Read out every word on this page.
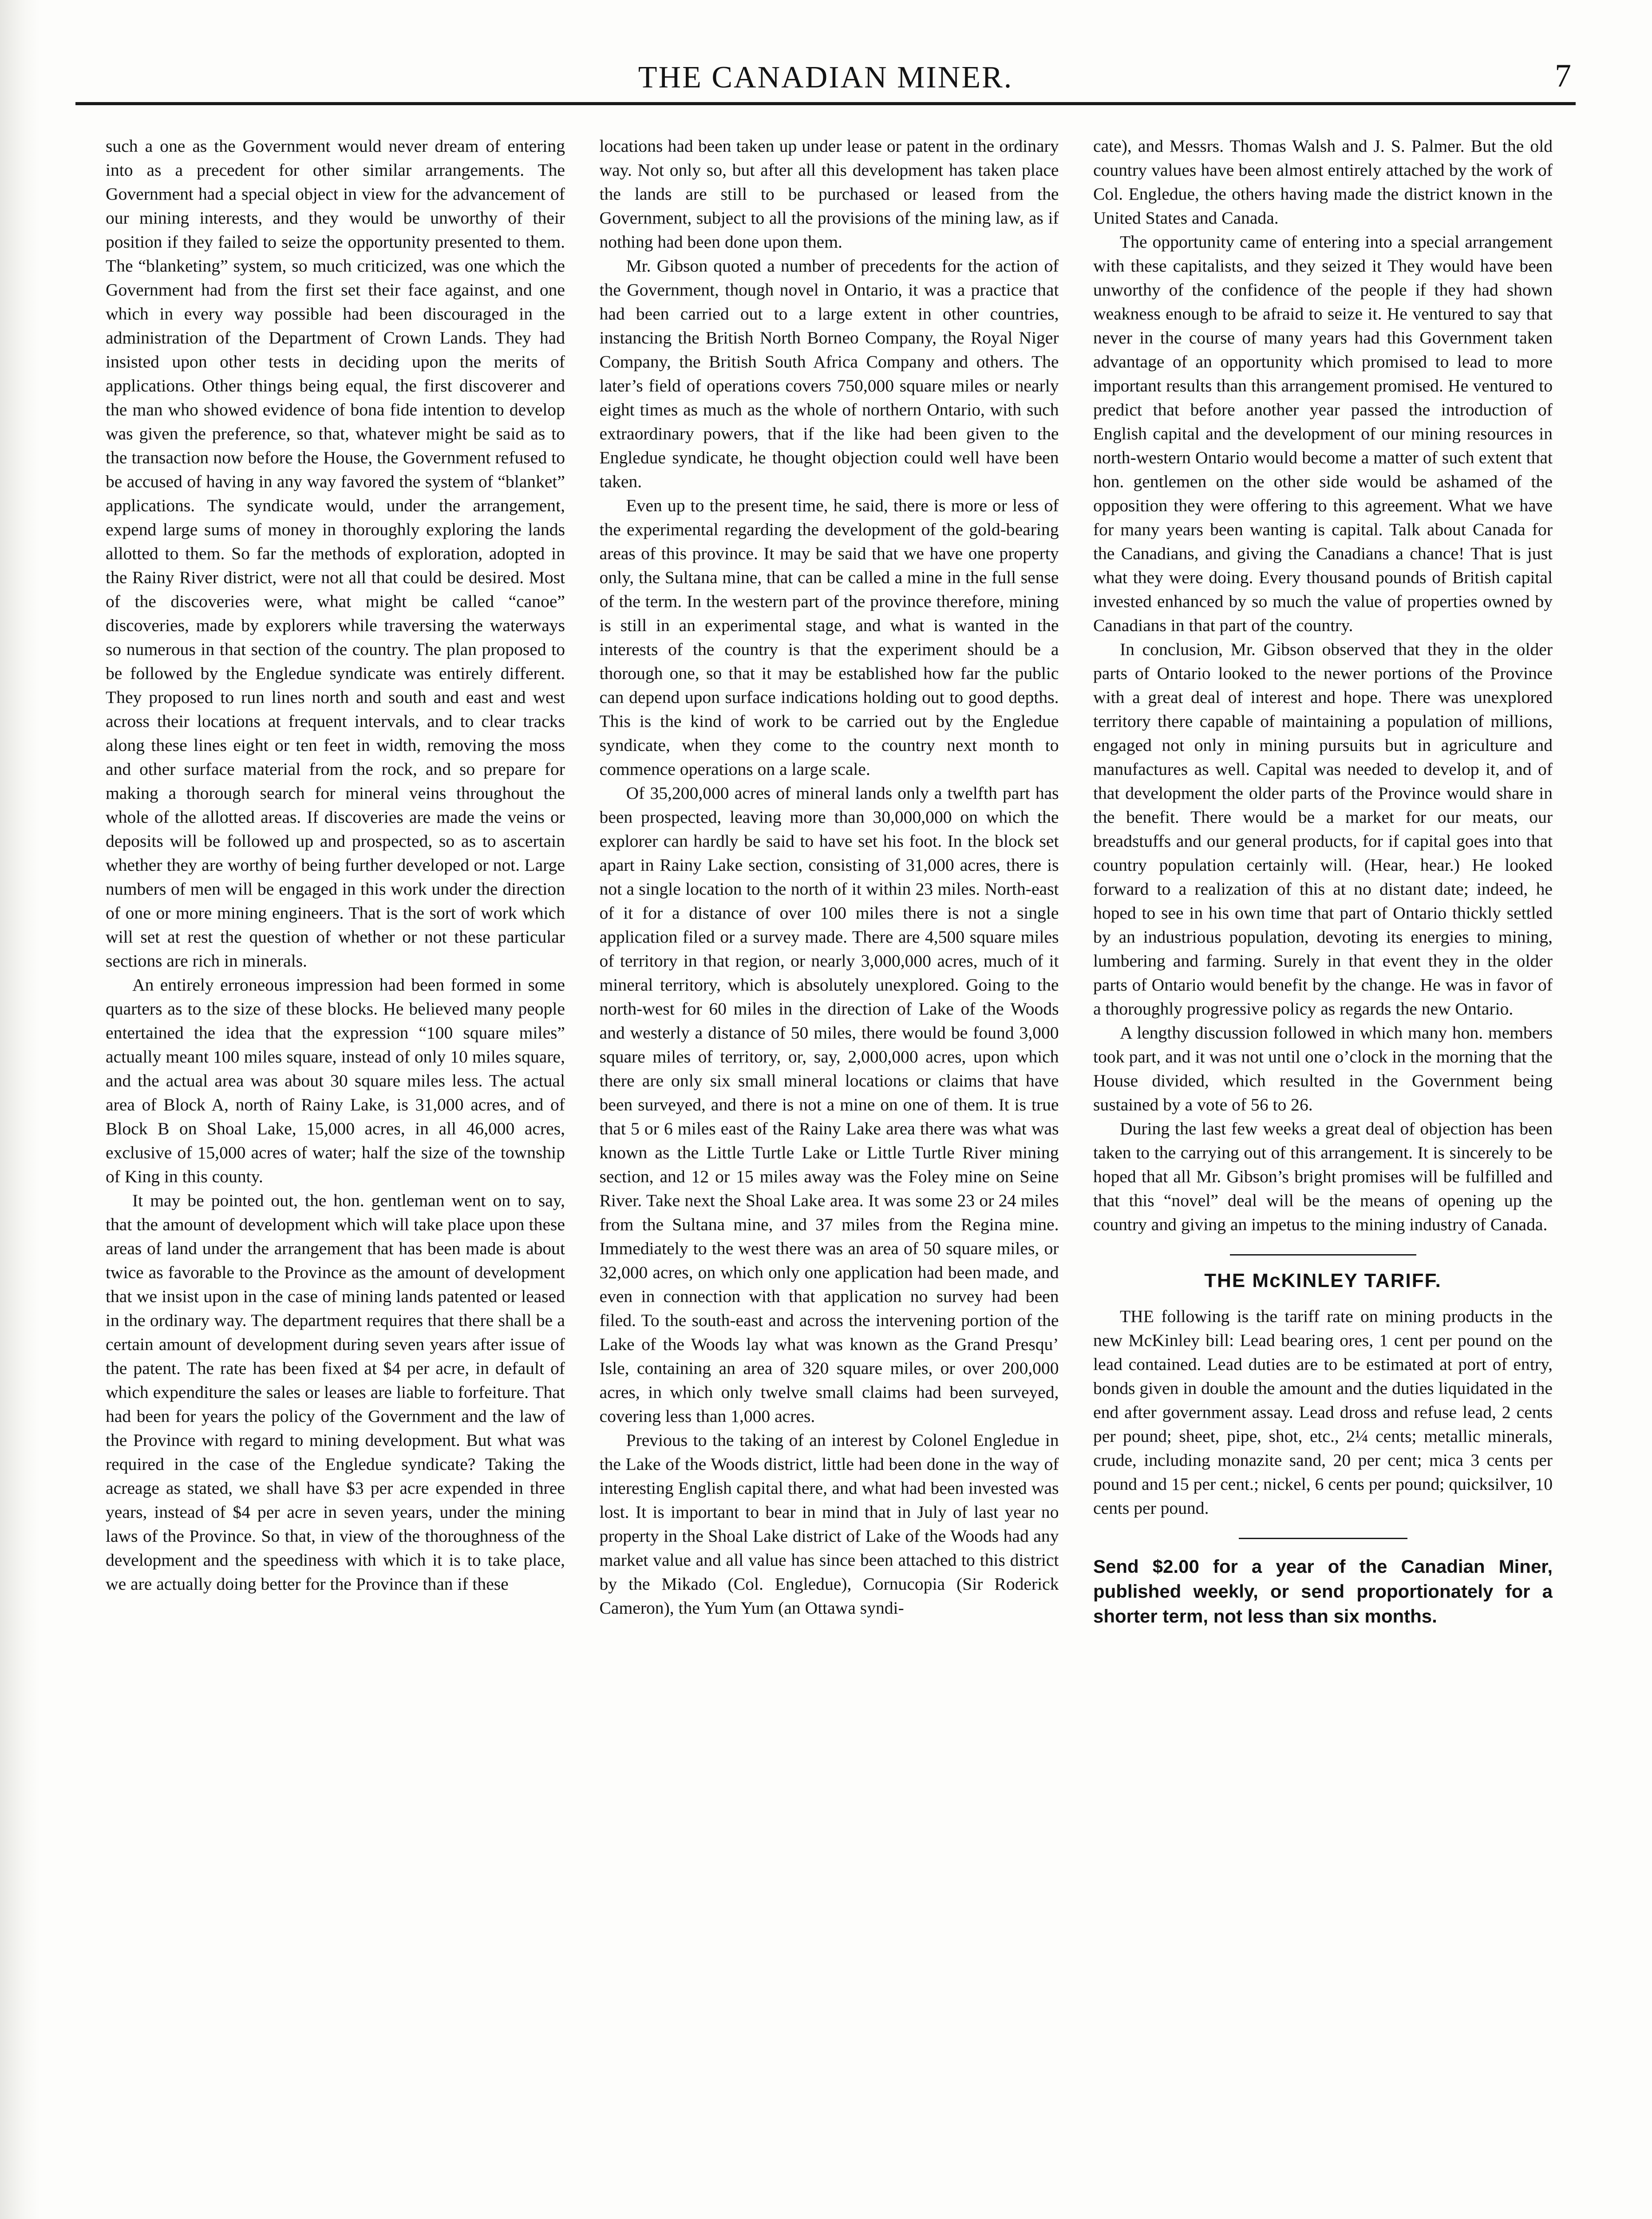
THE CANADIAN MINER.	7

such a one as the Government would never dream of entering into as a precedent for other similar arrangements. The Government had a special object in view for the advancement of our mining interests, and they would be unworthy of their position if they failed to seize the opportunity presented to them. The “blanketing” system, so much criticized, was one which the Government had from the first set their face against, and one which in every way possible had been discouraged in the administration of the Department of Crown Lands. They had insisted upon other tests in deciding upon the merits of applications. Other things being equal, the first discoverer and the man who showed evidence of bona fide intention to develop was given the preference, so that, whatever might be said as to the transaction now before the House, the Government refused to be accused of having in any way favored the system of “blanket” applications. The syndicate would, under the arrangement, expend large sums of money in thoroughly exploring the lands allotted to them. So far the methods of exploration, adopted in the Rainy River district, were not all that could be desired. Most of the discoveries were, what might be called “canoe” discoveries, made by explorers while traversing the waterways so numerous in that section of the country. The plan proposed to be followed by the Engledue syndicate was entirely different. They proposed to run lines north and south and east and west across their locations at frequent intervals, and to clear tracks along these lines eight or ten feet in width, removing the moss and other surface material from the rock, and so prepare for making a thorough search for mineral veins throughout the whole of the allotted areas. If discoveries are made the veins or deposits will be followed up and prospected, so as to ascertain whether they are worthy of being further developed or not. Large numbers of men will be engaged in this work under the direction of one or more mining engineers. That is the sort of work which will set at rest the question of whether or not these particular sections are rich in minerals.

An entirely erroneous impression had been formed in some quarters as to the size of these blocks. He believed many people entertained the idea that the expression “100 square miles” actually meant 100 miles square, instead of only 10 miles square, and the actual area was about 30 square miles less. The actual area of Block A, north of Rainy Lake, is 31,000 acres, and of Block B on Shoal Lake, 15,000 acres, in all 46,000 acres, exclusive of 15,000 acres of water; half the size of the township of King in this county.

It may be pointed out, the hon. gentleman went on to say, that the amount of development which will take place upon these areas of land under the arrangement that has been made is about twice as favorable to the Province as the amount of development that we insist upon in the case of mining lands patented or leased in the ordinary way. The department requires that there shall be a certain amount of development during seven years after issue of the patent. The rate has been fixed at $4 per acre, in default of which expenditure the sales or leases are liable to forfeiture. That had been for years the policy of the Government and the law of the Province with regard to mining development. But what was required in the case of the Engledue syndicate? Taking the acreage as stated, we shall have $3 per acre expended in three years, instead of $4 per acre in seven years, under the mining laws of the Province. So that, in view of the thoroughness of the development and the speediness with which it is to take place, we are actually doing better for the Province than if these

locations had been taken up under lease or patent in the ordinary way. Not only so, but after all this development has taken place the lands are still to be purchased or leased from the Government, subject to all the provisions of the mining law, as if nothing had been done upon them.

Mr. Gibson quoted a number of precedents for the action of the Government, though novel in Ontario, it was a practice that had been carried out to a large extent in other countries, instancing the British North Borneo Company, the Royal Niger Company, the British South Africa Company and others. The later’s field of operations covers 750,000 square miles or nearly eight times as much as the whole of northern Ontario, with such extraordinary powers, that if the like had been given to the Engledue syndicate, he thought objection could well have been taken.

Even up to the present time, he said, there is more or less of the experimental regarding the development of the gold-bearing areas of this province. It may be said that we have one property only, the Sultana mine, that can be called a mine in the full sense of the term. In the western part of the province therefore, mining is still in an experimental stage, and what is wanted in the interests of the country is that the experiment should be a thorough one, so that it may be established how far the public can depend upon surface indications holding out to good depths. This is the kind of work to be carried out by the Engledue syndicate, when they come to the country next month to commence operations on a large scale.

Of 35,200,000 acres of mineral lands only a twelfth part has been prospected, leaving more than 30,000,000 on which the explorer can hardly be said to have set his foot. In the block set apart in Rainy Lake section, consisting of 31,000 acres, there is not a single location to the north of it within 23 miles. North-east of it for a distance of over 100 miles there is not a single application filed or a survey made. There are 4,500 square miles of territory in that region, or nearly 3,000,000 acres, much of it mineral territory, which is absolutely unexplored. Going to the north-west for 60 miles in the direction of Lake of the Woods and westerly a distance of 50 miles, there would be found 3,000 square miles of territory, or, say, 2,000,000 acres, upon which there are only six small mineral locations or claims that have been surveyed, and there is not a mine on one of them. It is true that 5 or 6 miles east of the Rainy Lake area there was what was known as the Little Turtle Lake or Little Turtle River mining section, and 12 or 15 miles away was the Foley mine on Seine River. Take next the Shoal Lake area. It was some 23 or 24 miles from the Sultana mine, and 37 miles from the Regina mine. Immediately to the west there was an area of 50 square miles, or 32,000 acres, on which only one application had been made, and even in connection with that application no survey had been filed. To the south-east and across the intervening portion of the Lake of the Woods lay what was known as the Grand Presqu’ Isle, containing an area of 320 square miles, or over 200,000 acres, in which only twelve small claims had been surveyed, covering less than 1,000 acres.

Previous to the taking of an interest by Colonel Engledue in the Lake of the Woods district, little had been done in the way of interesting English capital there, and what had been invested was lost. It is important to bear in mind that in July of last year no property in the Shoal Lake district of Lake of the Woods had any market value and all value has since been attached to this district by the Mikado (Col. Engledue), Cornucopia (Sir Roderick Cameron), the Yum Yum (an Ottawa syndi-

cate), and Messrs. Thomas Walsh and J. S. Palmer. But the old country values have been almost entirely attached by the work of Col. Engledue, the others having made the district known in the United States and Canada.

The opportunity came of entering into a special arrangement with these capitalists, and they seized it They would have been unworthy of the confidence of the people if they had shown weakness enough to be afraid to seize it. He ventured to say that never in the course of many years had this Government taken advantage of an opportunity which promised to lead to more important results than this arrangement promised. He ventured to predict that before another year passed the introduction of English capital and the development of our mining resources in north-western Ontario would become a matter of such extent that hon. gentlemen on the other side would be ashamed of the opposition they were offering to this agreement. What we have for many years been wanting is capital. Talk about Canada for the Canadians, and giving the Canadians a chance! That is just what they were doing. Every thousand pounds of British capital invested enhanced by so much the value of properties owned by Canadians in that part of the country.

In conclusion, Mr. Gibson observed that they in the older parts of Ontario looked to the newer portions of the Province with a great deal of interest and hope. There was unexplored territory there capable of maintaining a population of millions, engaged not only in mining pursuits but in agriculture and manufactures as well. Capital was needed to develop it, and of that development the older parts of the Province would share in the benefit. There would be a market for our meats, our breadstuffs and our general products, for if capital goes into that country population certainly will. (Hear, hear.) He looked forward to a realization of this at no distant date; indeed, he hoped to see in his own time that part of Ontario thickly settled by an industrious population, devoting its energies to mining, lumbering and farming. Surely in that event they in the older parts of Ontario would benefit by the change. He was in favor of a thoroughly progressive policy as regards the new Ontario.

A lengthy discussion followed in which many hon. members took part, and it was not until one o’clock in the morning that the House divided, which resulted in the Government being sustained by a vote of 56 to 26.

During the last few weeks a great deal of objection has been taken to the carrying out of this arrangement. It is sincerely to be hoped that all Mr. Gibson’s bright promises will be fulfilled and that this “novel” deal will be the means of opening up the country and giving an impetus to the mining industry of Canada.

THE McKINLEY TARIFF.

THE following is the tariff rate on mining products in the new McKinley bill: Lead bearing ores, 1 cent per pound on the lead contained. Lead duties are to be estimated at port of entry, bonds given in double the amount and the duties liquidated in the end after government assay. Lead dross and refuse lead, 2 cents per pound; sheet, pipe, shot, etc., 2¼ cents; metallic minerals, crude, including monazite sand, 20 per cent; mica 3 cents per pound and 15 per cent.; nickel, 6 cents per pound; quicksilver, 10 cents per pound.

Send $2.00 for a year of the Canadian Miner, published weekly, or send proportionately for a shorter term, not less than six months.
